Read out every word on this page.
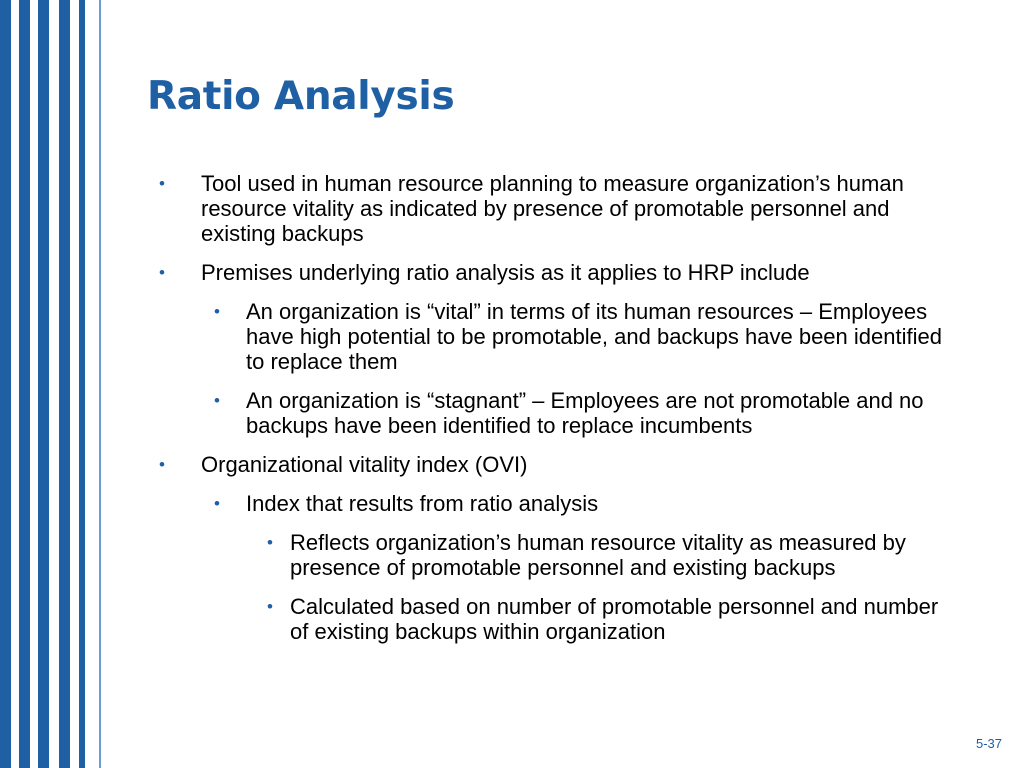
Ratio Analysis
• Tool used in human resource planning to measure organization’s human resource vitality as indicated by presence of promotable personnel and existing backups
• Premises underlying ratio analysis as it applies to HRP include
• An organization is “vital” in terms of its human resources – Employees have high potential to be promotable, and backups have been identified to replace them
• An organization is “stagnant” – Employees are not promotable and no backups have been identified to replace incumbents
• Organizational vitality index (OVI)
• Index that results from ratio analysis
• Reflects organization’s human resource vitality as measured by presence of promotable personnel and existing backups
• Calculated based on number of promotable personnel and number of existing backups within organization
5-37
